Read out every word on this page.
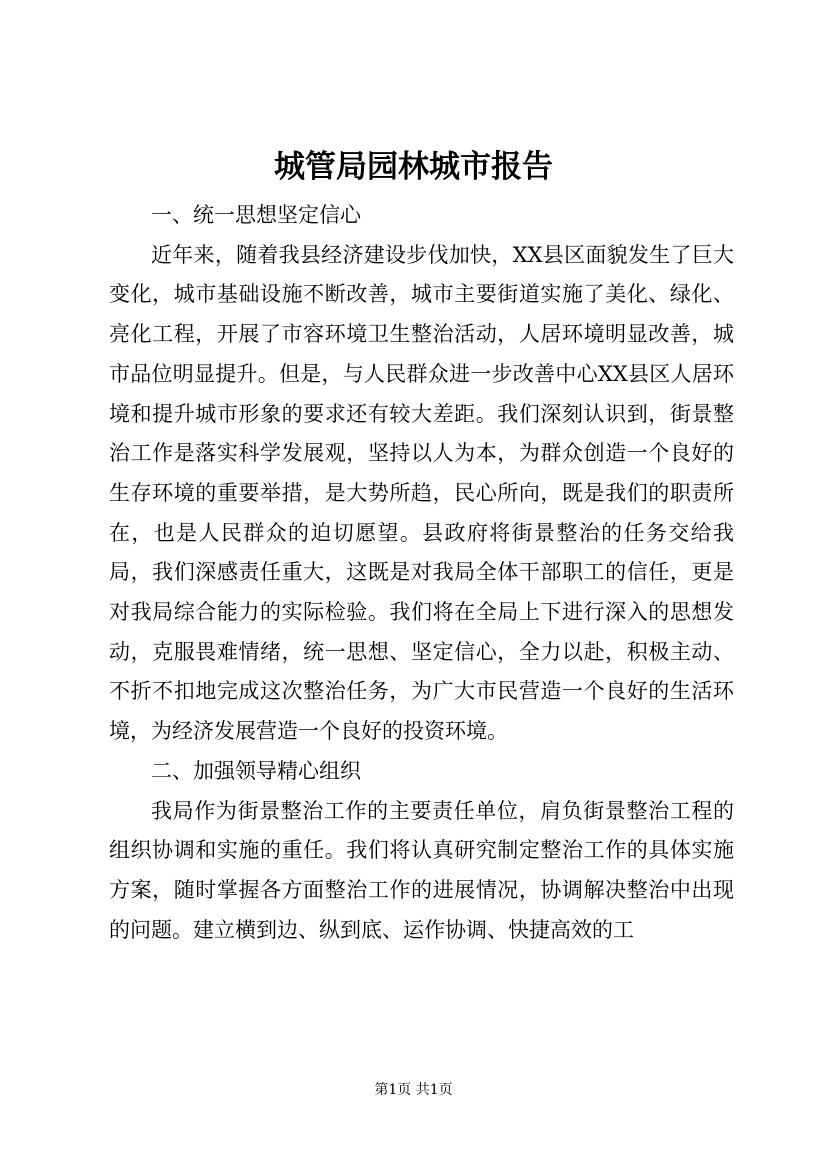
城管局园林城市报告

一、统一思想坚定信心

近年来，随着我县经济建设步伐加快，XX县区面貌发生了巨大变化，城市基础设施不断改善，城市主要街道实施了美化、绿化、亮化工程，开展了市容环境卫生整治活动，人居环境明显改善，城市品位明显提升。但是，与人民群众进一步改善中心XX县区人居环境和提升城市形象的要求还有较大差距。我们深刻认识到，街景整治工作是落实科学发展观，坚持以人为本，为群众创造一个良好的生存环境的重要举措，是大势所趋，民心所向，既是我们的职责所在，也是人民群众的迫切愿望。县政府将街景整治的任务交给我局，我们深感责任重大，这既是对我局全体干部职工的信任，更是对我局综合能力的实际检验。我们将在全局上下进行深入的思想发动，克服畏难情绪，统一思想、坚定信心，全力以赴，积极主动、不折不扣地完成这次整治任务，为广大市民营造一个良好的生活环境，为经济发展营造一个良好的投资环境。

二、加强领导精心组织

我局作为街景整治工作的主要责任单位，肩负街景整治工程的组织协调和实施的重任。我们将认真研究制定整治工作的具体实施方案，随时掌握各方面整治工作的进展情况，协调解决整治中出现的问题。建立横到边、纵到底、运作协调、快捷高效的工

第1页 共1页
